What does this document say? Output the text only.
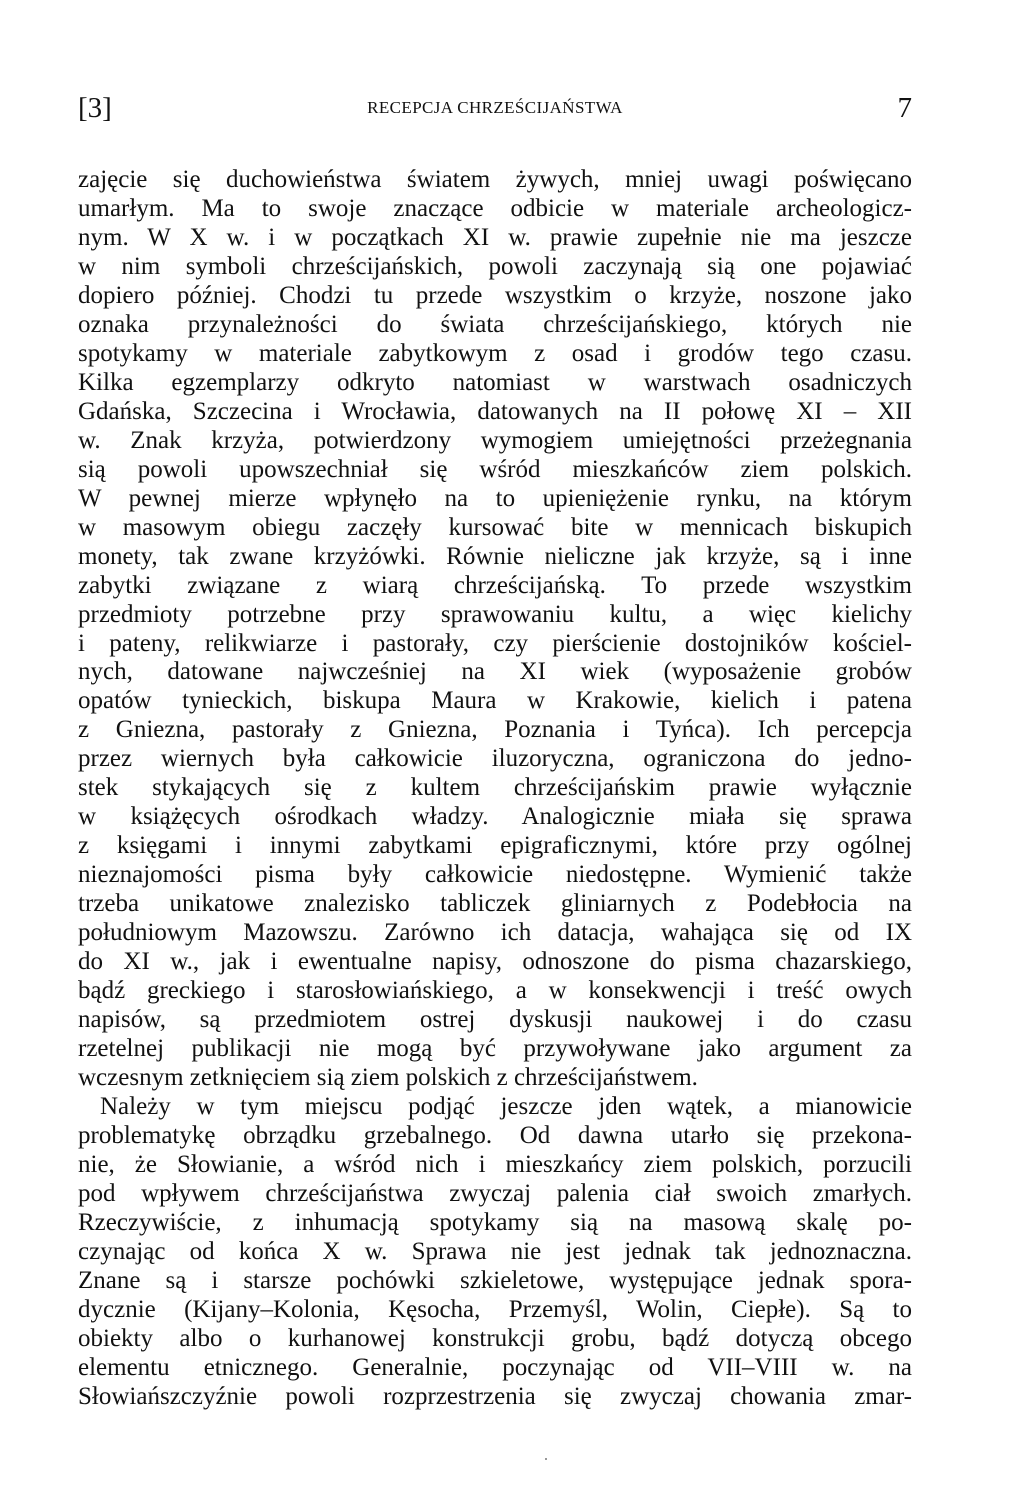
[3]	RECEPCJA CHRZEŚCIJAŃSTWA	7
zajęcie się duchowieństwa światem żywych, mniej uwagi poświęcano
umarłym. Ma to swoje znaczące odbicie w materiale archeologicz-
nym. W X w. i w początkach XI w. prawie zupełnie nie ma jeszcze
w nim symboli chrześcijańskich, powoli zaczynają sią one pojawiać
dopiero później. Chodzi tu przede wszystkim o krzyże, noszone jako
oznaka przynależności do świata chrześcijańskiego, których nie
spotykamy w materiale zabytkowym z osad i grodów tego czasu.
Kilka egzemplarzy odkryto natomiast w warstwach osadniczych
Gdańska, Szczecina i Wrocławia, datowanych na II połowę XI – XII
w. Znak krzyża, potwierdzony wymogiem umiejętności przeżegnania
sią powoli upowszechniał się wśród mieszkańców ziem polskich.
W pewnej mierze wpłynęło na to upieniężenie rynku, na którym
w masowym obiegu zaczęły kursować bite w mennicach biskupich
monety, tak zwane krzyżówki. Równie nieliczne jak krzyże, są i inne
zabytki związane z wiarą chrześcijańską. To przede wszystkim
przedmioty potrzebne przy sprawowaniu kultu, a więc kielichy
i pateny, relikwiarze i pastorały, czy pierścienie dostojników kościel-
nych, datowane najwcześniej na XI wiek (wyposażenie grobów
opatów tynieckich, biskupa Maura w Krakowie, kielich i patena
z Gniezna, pastorały z Gniezna, Poznania i Tyńca). Ich percepcja
przez wiernych była całkowicie iluzoryczna, ograniczona do jedno-
stek stykających się z kultem chrześcijańskim prawie wyłącznie
w książęcych ośrodkach władzy. Analogicznie miała się sprawa
z księgami i innymi zabytkami epigraficznymi, które przy ogólnej
nieznajomości pisma były całkowicie niedostępne. Wymienić także
trzeba unikatowe znalezisko tabliczek gliniarnych z Podebłocia na
południowym Mazowszu. Zarówno ich datacja, wahająca się od IX
do XI w., jak i ewentualne napisy, odnoszone do pisma chazarskiego,
bądź greckiego i starosłowiańskiego, a w konsekwencji i treść owych
napisów, są przedmiotem ostrej dyskusji naukowej i do czasu
rzetelnej publikacji nie mogą być przywoływane jako argument za
wczesnym zetknięciem sią ziem polskich z chrześcijaństwem.
Należy w tym miejscu podjąć jeszcze jden wątek, a mianowicie
problematykę obrządku grzebalnego. Od dawna utarło się przekona-
nie, że Słowianie, a wśród nich i mieszkańcy ziem polskich, porzucili
pod wpływem chrześcijaństwa zwyczaj palenia ciał swoich zmarłych.
Rzeczywiście, z inhumacją spotykamy sią na masową skalę po-
czynając od końca X w. Sprawa nie jest jednak tak jednoznaczna.
Znane są i starsze pochówki szkieletowe, występujące jednak spora-
dycznie (Kijany–Kolonia, Kęsocha, Przemyśl, Wolin, Ciepłe). Są to
obiekty albo o kurhanowej konstrukcji grobu, bądź dotyczą obcego
elementu etnicznego. Generalnie, poczynając od VII–VIII w. na
Słowiańszczyźnie powoli rozprzestrzenia się zwyczaj chowania zmar-
